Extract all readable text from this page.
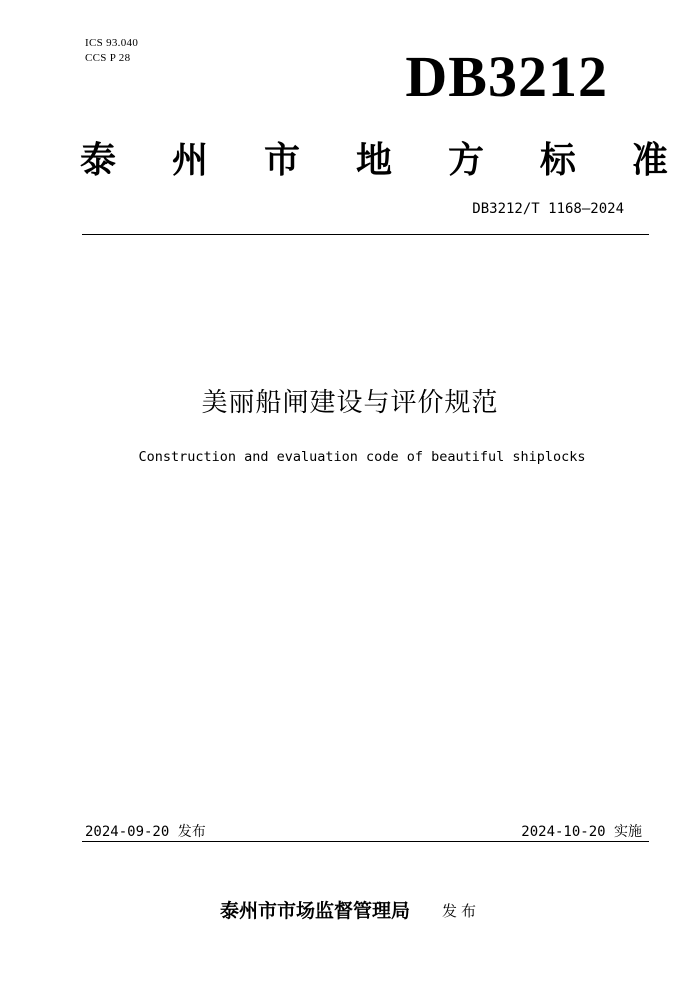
ICS 93.040
CCS P 28	DB3212
泰 州 市 地 方 标 准
DB3212/T 1168—2024
美丽船闸建设与评价规范
Construction and evaluation code of beautiful shiplocks
2024-09-20 发布	2024-10-20 实施
泰州市市场监督管理局 发布
